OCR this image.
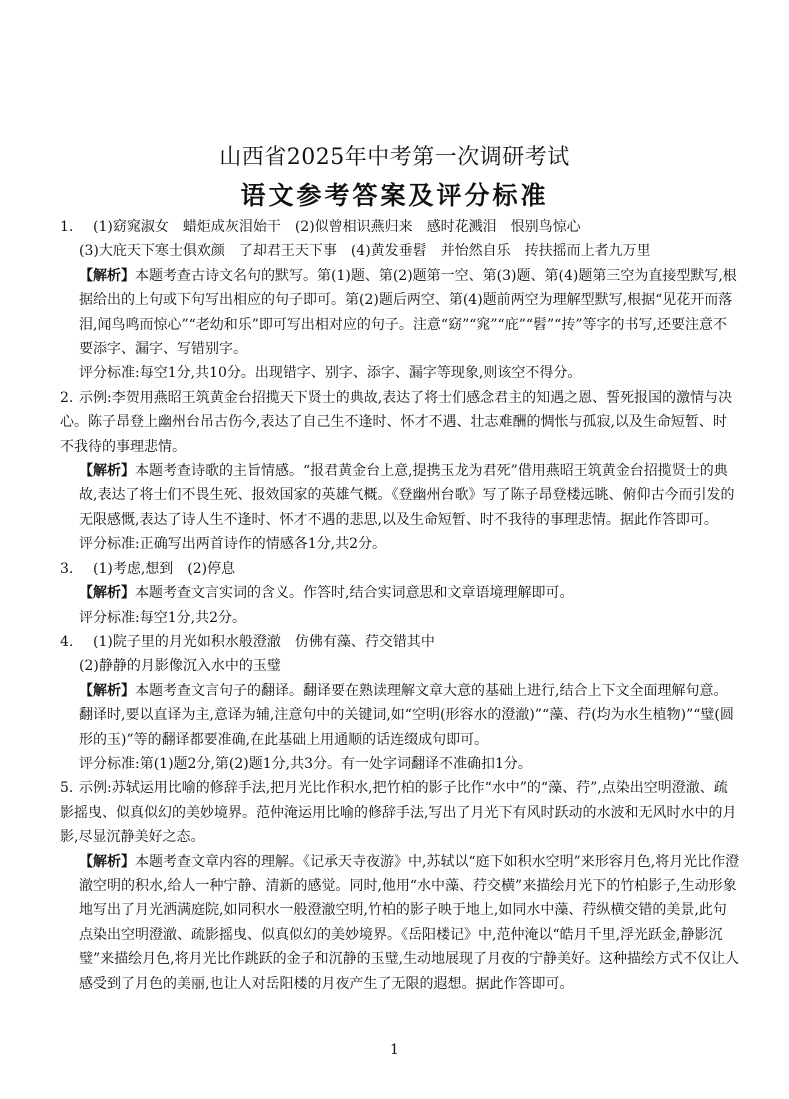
山西省2025年中考第一次调研考试
语文参考答案及评分标准
1. (1)窈窕淑女 蜡炬成灰泪始干 (2)似曾相识燕归来 感时花溅泪 恨别鸟惊心
(3)大庇天下寒士俱欢颜 了却君王天下事 (4)黄发垂髫 并怡然自乐 抟扶摇而上者九万里
【解析】本题考查古诗文名句的默写。第(1)题、第(2)题第一空、第(3)题、第(4)题第三空为直接型默写,根据给出的上句或下句写出相应的句子即可。第(2)题后两空、第(4)题前两空为理解型默写,根据“见花开而落泪,闻鸟鸣而惊心”“老幼和乐”即可写出相对应的句子。注意“窈”“窕”“庇”“髫”“抟”等字的书写,还要注意不要添字、漏字、写错别字。
评分标准:每空1分,共10分。出现错字、别字、添字、漏字等现象,则该空不得分。
2. 示例:李贺用燕昭王筑黄金台招揽天下贤士的典故,表达了将士们感念君主的知遇之恩、誓死报国的激情与决心。陈子昂登上幽州台吊古伤今,表达了自己生不逢时、怀才不遇、壮志难酬的惆怅与孤寂,以及生命短暂、时不我待的事理悲情。
【解析】本题考查诗歌的主旨情感。“报君黄金台上意,提携玉龙为君死”借用燕昭王筑黄金台招揽贤士的典故,表达了将士们不畏生死、报效国家的英雄气概。《登幽州台歌》写了陈子昂登楼远眺、俯仰古今而引发的无限感慨,表达了诗人生不逢时、怀才不遇的悲思,以及生命短暂、时不我待的事理悲情。据此作答即可。
评分标准:正确写出两首诗作的情感各1分,共2分。
3. (1)考虑,想到 (2)停息
【解析】本题考查文言实词的含义。作答时,结合实词意思和文章语境理解即可。
评分标准:每空1分,共2分。
4. (1)院子里的月光如积水般澄澈 仿佛有藻、荇交错其中
(2)静静的月影像沉入水中的玉璧
【解析】本题考查文言句子的翻译。翻译要在熟读理解文章大意的基础上进行,结合上下文全面理解句意。翻译时,要以直译为主,意译为辅,注意句中的关键词,如“空明(形容水的澄澈)”“藻、荇(均为水生植物)”“璧(圆形的玉)”等的翻译都要准确,在此基础上用通顺的话连缀成句即可。
评分标准:第(1)题2分,第(2)题1分,共3分。有一处字词翻译不准确扣1分。
5. 示例:苏轼运用比喻的修辞手法,把月光比作积水,把竹柏的影子比作“水中”的“藻、荇”,点染出空明澄澈、疏影摇曳、似真似幻的美妙境界。范仲淹运用比喻的修辞手法,写出了月光下有风时跃动的水波和无风时水中的月影,尽显沉静美好之态。
【解析】本题考查文章内容的理解。《记承天寺夜游》中,苏轼以“庭下如积水空明”来形容月色,将月光比作澄澈空明的积水,给人一种宁静、清新的感觉。同时,他用“水中藻、荇交横”来描绘月光下的竹柏影子,生动形象地写出了月光洒满庭院,如同积水一般澄澈空明,竹柏的影子映于地上,如同水中藻、荇纵横交错的美景,此句点染出空明澄澈、疏影摇曳、似真似幻的美妙境界。《岳阳楼记》中,范仲淹以“皓月千里,浮光跃金,静影沉璧”来描绘月色,将月光比作跳跃的金子和沉静的玉璧,生动地展现了月夜的宁静美好。这种描绘方式不仅让人感受到了月色的美丽,也让人对岳阳楼的月夜产生了无限的遐想。据此作答即可。
1
